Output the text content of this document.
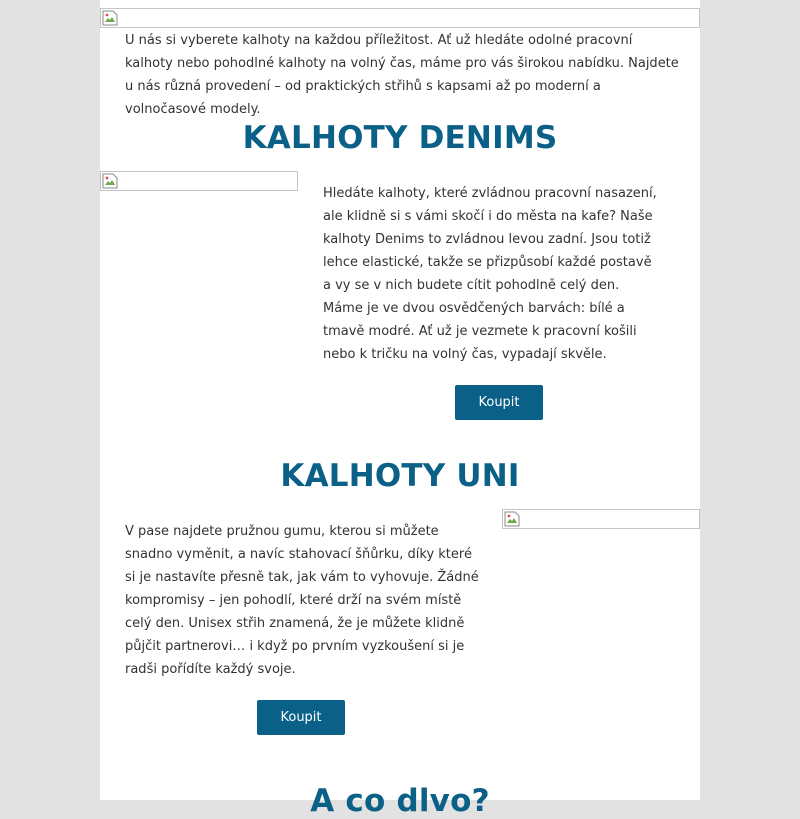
U nás si vyberete kalhoty na každou příležitost. Ať už hledáte odolné pracovní kalhoty nebo pohodlné kalhoty na volný čas, máme pro vás širokou nabídku. Najdete u nás různá provedení – od praktických střihů s kapsami až po moderní a volnočasové modely.

KALHOTY DENIMS

Hledáte kalhoty, které zvládnou pracovní nasazení, ale klidně si s vámi skočí i do města na kafe? Naše kalhoty Denims to zvládnou levou zadní. Jsou totiž lehce elastické, takže se přizpůsobí každé postavě a vy se v nich budete cítit pohodlně celý den. Máme je ve dvou osvědčených barvách: bílé a tmavě modré. Ať už je vezmete k pracovní košili nebo k tričku na volný čas, vypadají skvěle.

Koupit
KALHOTY UNI

V pase najdete pružnou gumu, kterou si můžete snadno vyměnit, a navíc stahovací šňůrku, díky které si je nastavíte přesně tak, jak vám to vyhovuje. Žádné kompromisy – jen pohodlí, které drží na svém místě celý den. Unisex střih znamená, že je můžete klidně půjčit partnerovi… i když po prvním vyzkoušení si je radši pořídíte každý svoje.

Koupit
A co dlvo?
